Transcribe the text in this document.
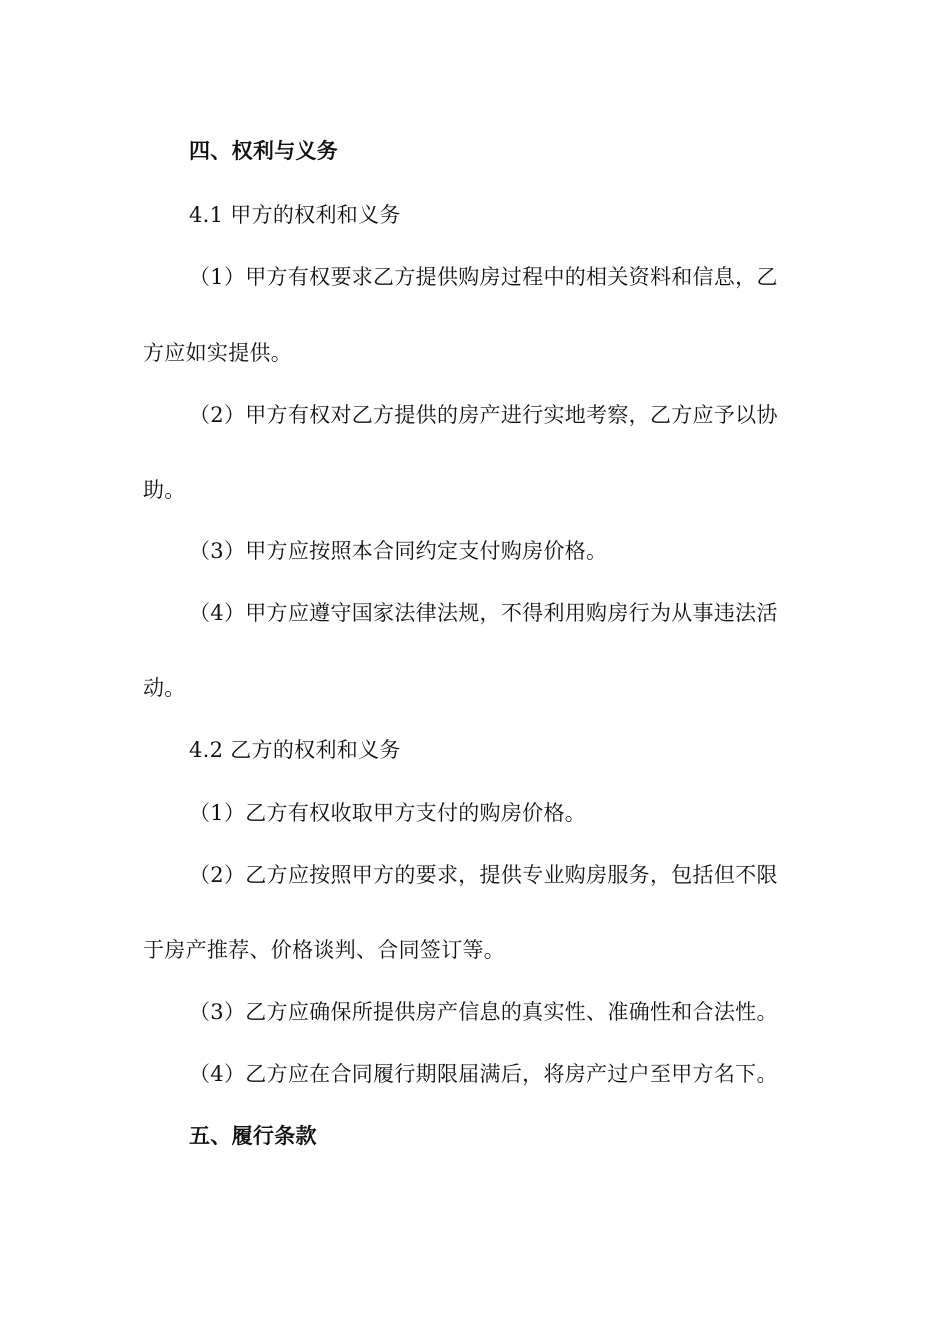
四、权利与义务
4.1 甲方的权利和义务
（1）甲方有权要求乙方提供购房过程中的相关资料和信息，乙
方应如实提供。
（2）甲方有权对乙方提供的房产进行实地考察，乙方应予以协
助。
（3）甲方应按照本合同约定支付购房价格。
（4）甲方应遵守国家法律法规，不得利用购房行为从事违法活
动。
4.2 乙方的权利和义务
（1）乙方有权收取甲方支付的购房价格。
（2）乙方应按照甲方的要求，提供专业购房服务，包括但不限
于房产推荐、价格谈判、合同签订等。
（3）乙方应确保所提供房产信息的真实性、准确性和合法性。
（4）乙方应在合同履行期限届满后，将房产过户至甲方名下。
五、履行条款
